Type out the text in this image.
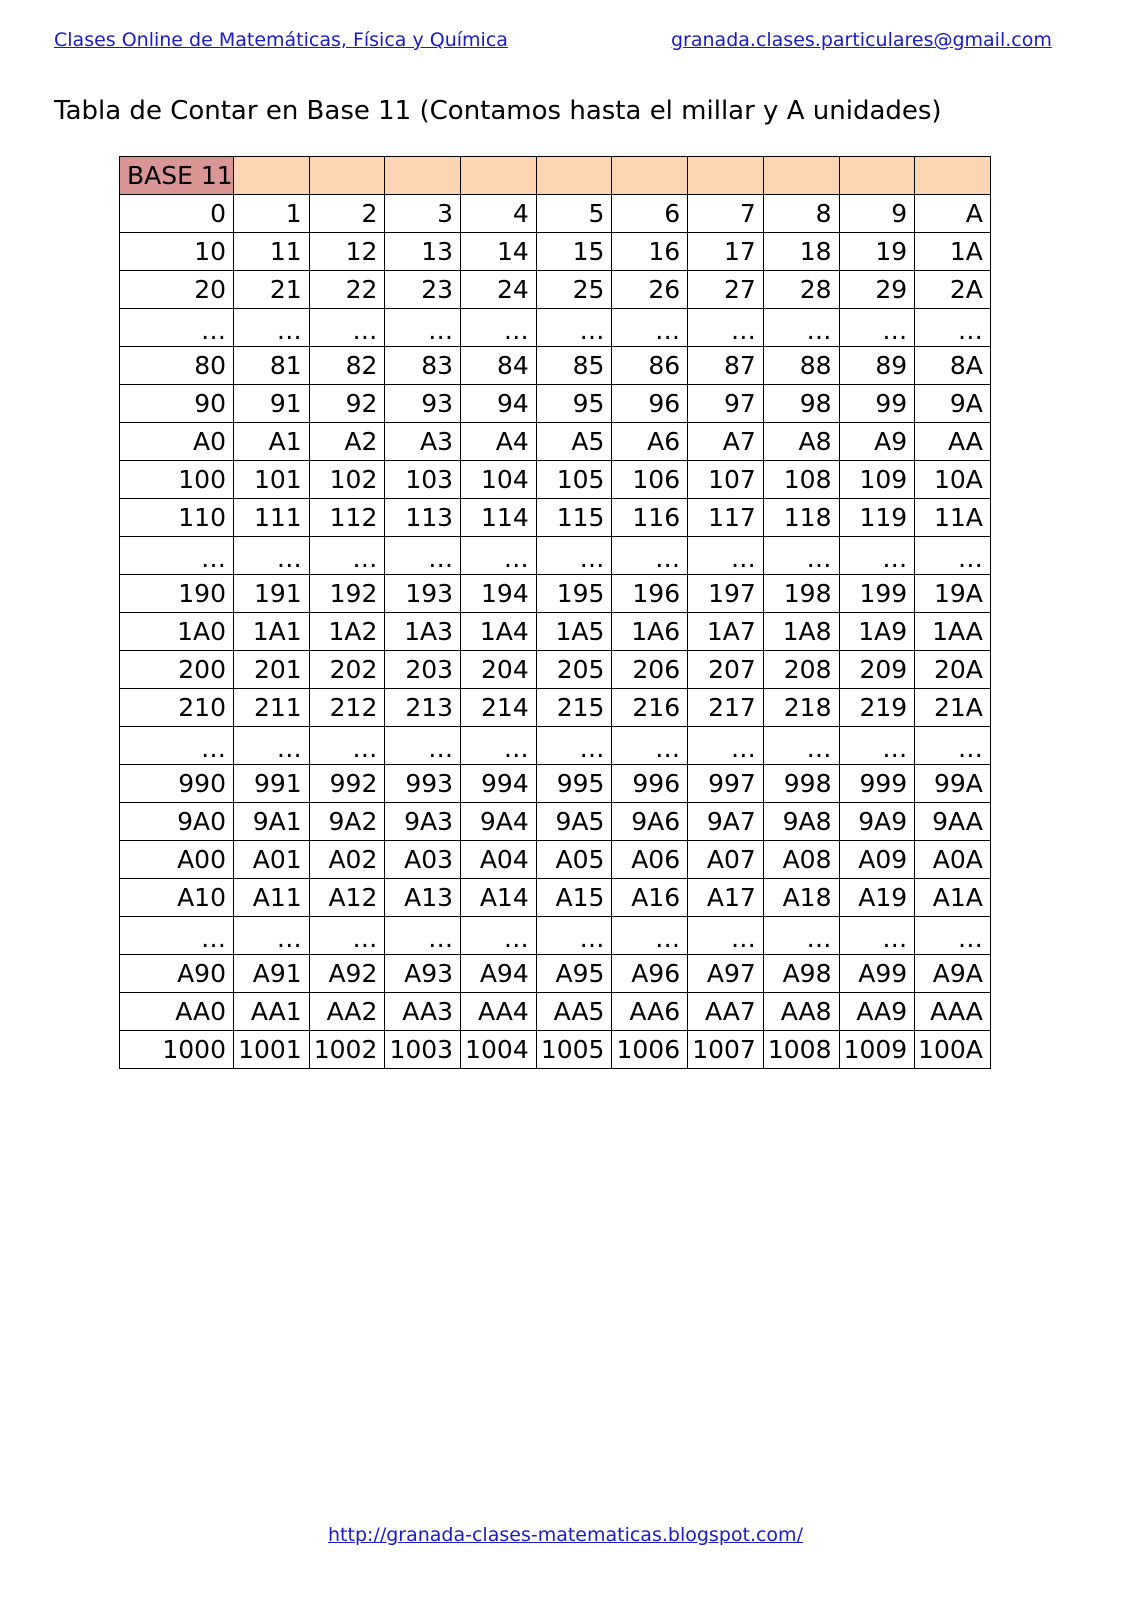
Clases Online de Matemáticas, Física y Química	granada.clases.particulares@gmail.com
Tabla de Contar en Base 11 (Contamos hasta el millar y A unidades)
BASE 11										
0	1	2	3	4	5	6	7	8	9	A
10	11	12	13	14	15	16	17	18	19	1A
20	21	22	23	24	25	26	27	28	29	2A
…	…	…	…	…	…	…	…	…	…	…
80	81	82	83	84	85	86	87	88	89	8A
90	91	92	93	94	95	96	97	98	99	9A
A0	A1	A2	A3	A4	A5	A6	A7	A8	A9	AA
100	101	102	103	104	105	106	107	108	109	10A
110	111	112	113	114	115	116	117	118	119	11A
…	…	…	…	…	…	…	…	…	…	…
190	191	192	193	194	195	196	197	198	199	19A
1A0	1A1	1A2	1A3	1A4	1A5	1A6	1A7	1A8	1A9	1AA
200	201	202	203	204	205	206	207	208	209	20A
210	211	212	213	214	215	216	217	218	219	21A
…	…	…	…	…	…	…	…	…	…	…
990	991	992	993	994	995	996	997	998	999	99A
9A0	9A1	9A2	9A3	9A4	9A5	9A6	9A7	9A8	9A9	9AA
A00	A01	A02	A03	A04	A05	A06	A07	A08	A09	A0A
A10	A11	A12	A13	A14	A15	A16	A17	A18	A19	A1A
…	…	…	…	…	…	…	…	…	…	…
A90	A91	A92	A93	A94	A95	A96	A97	A98	A99	A9A
AA0	AA1	AA2	AA3	AA4	AA5	AA6	AA7	AA8	AA9	AAA
1000	1001	1002	1003	1004	1005	1006	1007	1008	1009	100A
http://granada-clases-matematicas.blogspot.com/
